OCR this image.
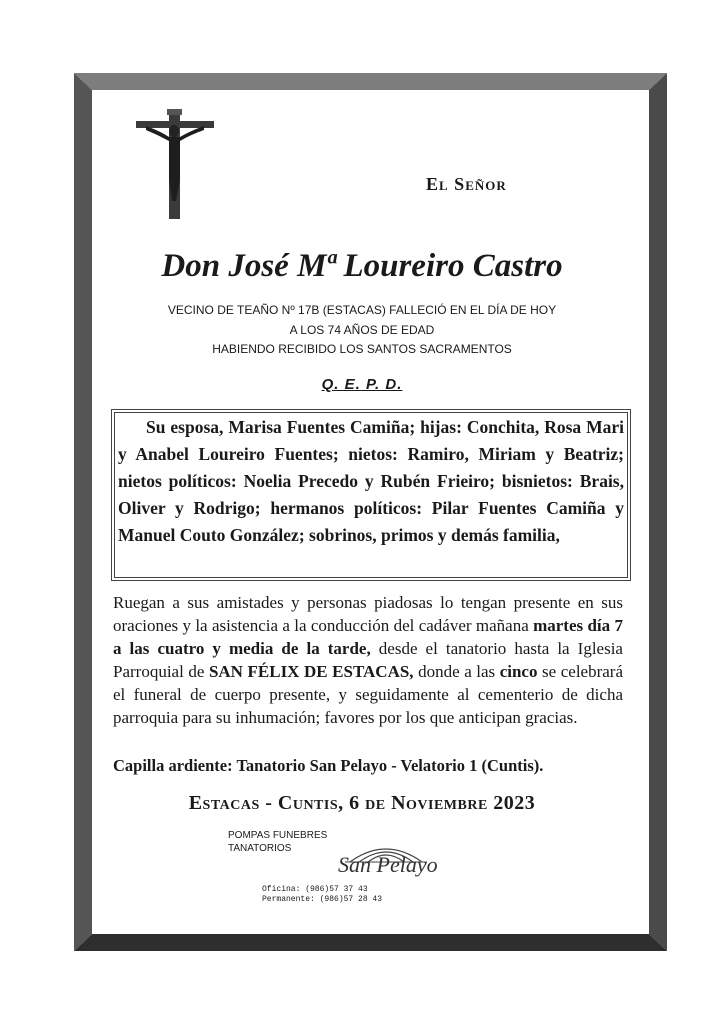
El Señor
Don José Mª Loureiro Castro
VECINO DE TEAÑO Nº 17B (ESTACAS) FALLECIÓ EN EL DÍA DE HOY
A LOS 74 AÑOS DE EDAD
HABIENDO RECIBIDO LOS SANTOS SACRAMENTOS
Q. E. P. D.
Su esposa, Marisa Fuentes Camiña; hijas: Conchita, Rosa Mari y Anabel Loureiro Fuentes; nietos: Ramiro, Miriam y Beatriz; nietos políticos: Noelia Precedo y Rubén Frieiro; bisnietos: Brais, Oliver y Rodrigo; hermanos políticos: Pilar Fuentes Camiña y Manuel Couto González; sobrinos, primos y demás familia,
Ruegan a sus amistades y personas piadosas lo tengan presente en sus oraciones y la asistencia a la conducción del cadáver mañana martes día 7 a las cuatro y media de la tarde, desde el tanatorio hasta la Iglesia Parroquial de SAN FÉLIX DE ESTACAS, donde a las cinco se celebrará el funeral de cuerpo presente, y seguidamente al cementerio de dicha parroquia para su inhumación; favores por los que anticipan gracias.
Capilla ardiente: Tanatorio San Pelayo - Velatorio 1 (Cuntis).
Estacas - Cuntis, 6 de Noviembre 2023
POMPAS FUNEBRES
TANATORIOS
San Pelayo
Oficina: (986)57 37 43
Permanente: (986)57 28 43
